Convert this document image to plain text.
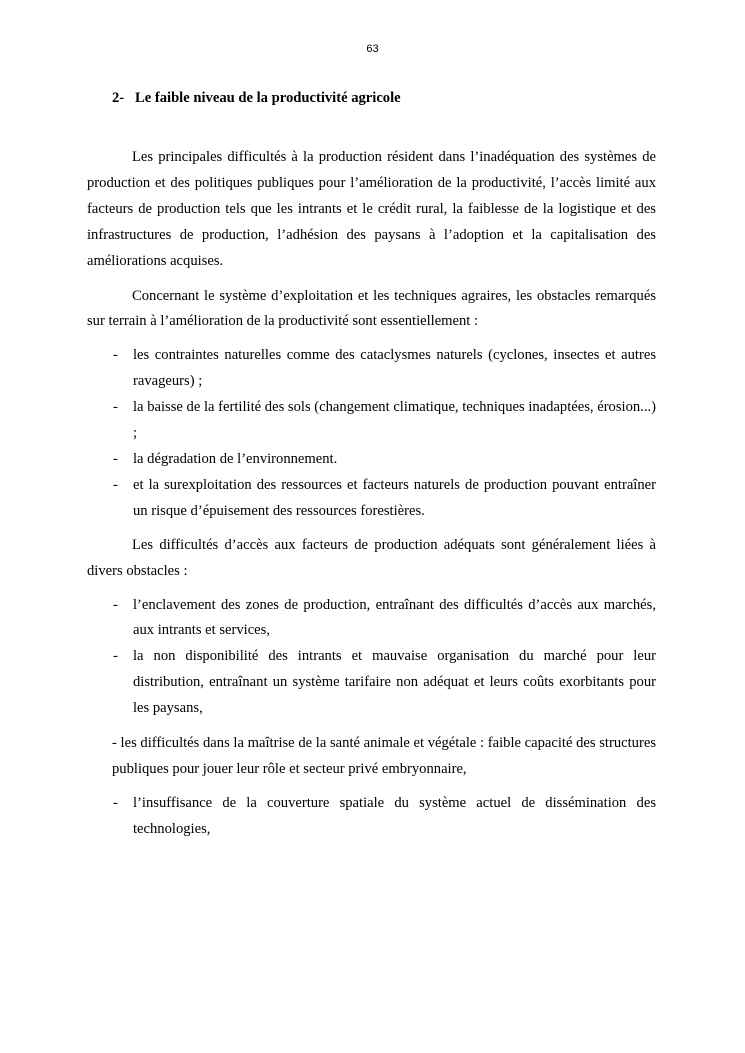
63
2- Le faible niveau de la productivité agricole

Les principales difficultés à la production résident dans l’inadéquation des systèmes de production et des politiques publiques pour l’amélioration de la productivité, l’accès limité aux facteurs de production tels que les intrants et le crédit rural, la faiblesse de la logistique et des infrastructures de production, l’adhésion des paysans à l’adoption et la capitalisation des améliorations acquises.

Concernant le système d’exploitation et les techniques agraires, les obstacles remarqués sur terrain à l’amélioration de la productivité sont essentiellement :

- les contraintes naturelles comme des cataclysmes naturels (cyclones, insectes et autres ravageurs) ;
- la baisse de la fertilité des sols (changement climatique, techniques inadaptées, érosion...) ;
- la dégradation de l’environnement.
- et la surexploitation des ressources et facteurs naturels de production pouvant entraîner un risque d’épuisement des ressources forestières.

Les difficultés d’accès aux facteurs de production adéquats sont généralement liées à divers obstacles :

- l’enclavement des zones de production, entraînant des difficultés d’accès aux marchés, aux intrants et services,
- la non disponibilité des intrants et mauvaise organisation du marché pour leur distribution, entraînant un système tarifaire non adéquat et leurs coûts exorbitants pour les paysans,

- les difficultés dans la maîtrise de la santé animale et végétale : faible capacité des structures publiques pour jouer leur rôle et secteur privé embryonnaire,

- l’insuffisance de la couverture spatiale du système actuel de dissémination des technologies,
